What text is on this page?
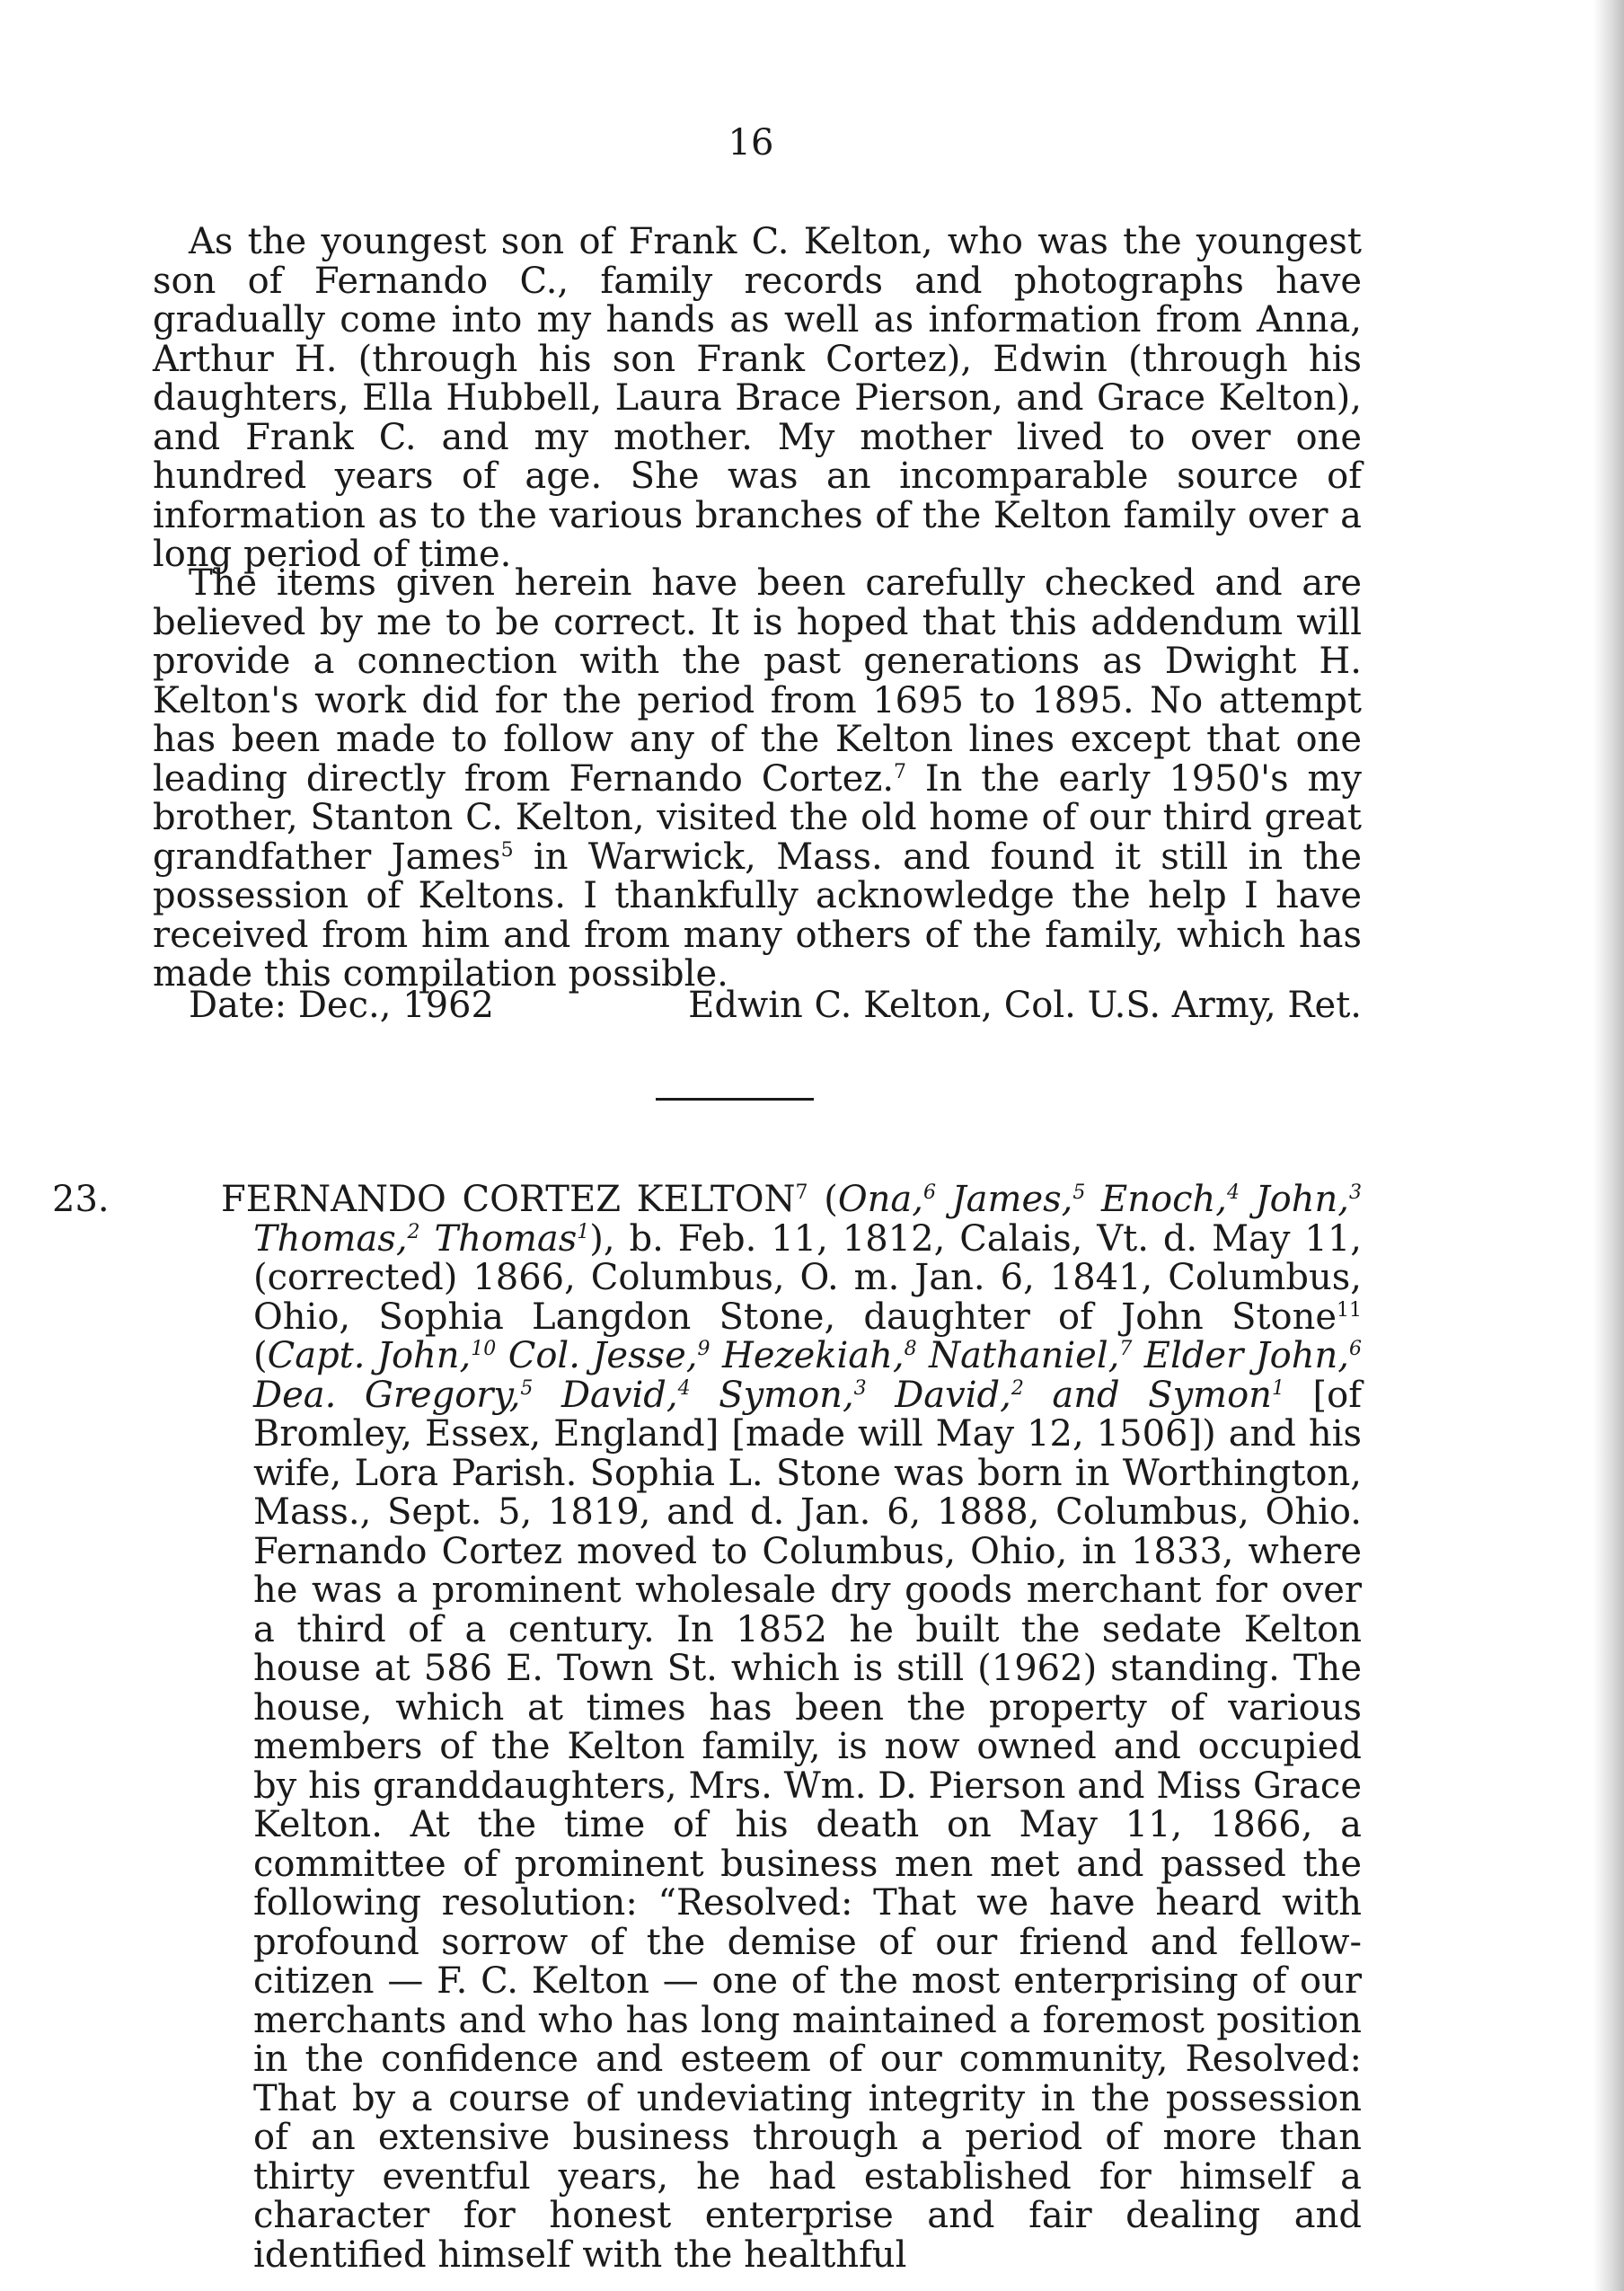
16

As the youngest son of Frank C. Kelton, who was the youngest son of Fernando C., family records and photographs have gradually come into my hands as well as information from Anna, Arthur H. (through his son Frank Cortez), Edwin (through his daughters, Ella Hubbell, Laura Brace Pierson, and Grace Kelton), and Frank C. and my mother. My mother lived to over one hundred years of age. She was an incomparable source of information as to the various branches of the Kelton family over a long period of time.

The items given herein have been carefully checked and are believed by me to be correct. It is hoped that this addendum will provide a connection with the past generations as Dwight H. Kelton's work did for the period from 1695 to 1895. No attempt has been made to follow any of the Kelton lines except that one leading directly from Fernando Cortez.$^7$ In the early 1950's my brother, Stanton C. Kelton, visited the old home of our third great grandfather James$^5$ in Warwick, Mass. and found it still in the possession of Keltons. I thankfully acknowledge the help I have received from him and from many others of the family, which has made this compilation possible.

Date: Dec., 1962	Edwin C. Kelton, Col. U.S. Army, Ret.
23.	FERNANDO CORTEZ KELTON$^7$ (Ona,$^6$ James,$^5$ Enoch,$^4$ John,$^3$ Thomas,$^2$ Thomas$^1$), b. Feb. 11, 1812, Calais, Vt. d. May 11, (corrected) 1866, Columbus, O. m. Jan. 6, 1841, Columbus, Ohio, Sophia Langdon Stone, daughter of John Stone$^{11}$ (Capt. John,$^{10}$ Col. Jesse,$^9$ Hezekiah,$^8$ Nathaniel,$^7$ Elder John,$^6$ Dea. Gregory,$^5$ David,$^4$ Symon,$^3$ David,$^2$ and Symon$^1$ [of Bromley, Essex, England] [made will May 12, 1506]) and his wife, Lora Parish. Sophia L. Stone was born in Worthington, Mass., Sept. 5, 1819, and d. Jan. 6, 1888, Columbus, Ohio. Fernando Cortez moved to Columbus, Ohio, in 1833, where he was a prominent wholesale dry goods merchant for over a third of a century. In 1852 he built the sedate Kelton house at 586 E. Town St. which is still (1962) standing. The house, which at times has been the property of various members of the Kelton family, is now owned and occupied by his granddaughters, Mrs. Wm. D. Pierson and Miss Grace Kelton. At the time of his death on May 11, 1866, a committee of prominent business men met and passed the following resolution: “Resolved: That we have heard with profound sorrow of the demise of our friend and fellow-citizen — F. C. Kelton — one of the most enterprising of our merchants and who has long maintained a foremost position in the confidence and esteem of our community, Resolved: That by a course of undeviating integrity in the possession of an extensive business through a period of more than thirty eventful years, he had established for himself a character for honest enterprise and fair dealing and identified himself with the healthful
